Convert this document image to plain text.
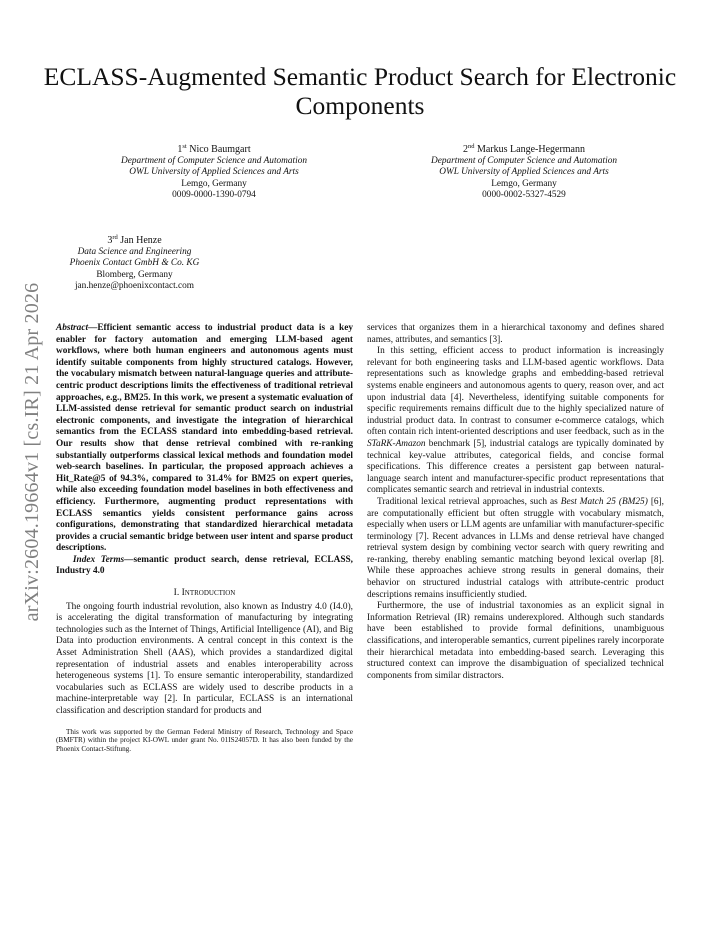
arXiv:2604.19664v1 [cs.IR] 21 Apr 2026
ECLASS-Augmented Semantic Product Search for Electronic Components
1st Nico Baumgart
Department of Computer Science and Automation
OWL University of Applied Sciences and Arts
Lemgo, Germany
0009-0000-1390-0794
2nd Markus Lange-Hegermann
Department of Computer Science and Automation
OWL University of Applied Sciences and Arts
Lemgo, Germany
0000-0002-5327-4529
3rd Jan Henze
Data Science and Engineering
Phoenix Contact GmbH & Co. KG
Blomberg, Germany
jan.henze@phoenixcontact.com
Abstract—Efficient semantic access to industrial product data is a key enabler for factory automation and emerging LLM-based agent workflows, where both human engineers and autonomous agents must identify suitable components from highly structured catalogs. However, the vocabulary mismatch between natural-language queries and attribute-centric product descriptions limits the effectiveness of traditional retrieval approaches, e.g., BM25. In this work, we present a systematic evaluation of LLM-assisted dense retrieval for semantic product search on industrial electronic components, and investigate the integration of hierarchical semantics from the ECLASS standard into embedding-based retrieval. Our results show that dense retrieval combined with re-ranking substantially outperforms classical lexical methods and foundation model web-search baselines. In particular, the proposed approach achieves a Hit_Rate@5 of 94.3%, compared to 31.4% for BM25 on expert queries, while also exceeding foundation model baselines in both effectiveness and efficiency. Furthermore, augmenting product representations with ECLASS semantics yields consistent performance gains across configurations, demonstrating that standardized hierarchical metadata provides a crucial semantic bridge between user intent and sparse product descriptions.
Index Terms—semantic product search, dense retrieval, ECLASS, Industry 4.0
I. Introduction

The ongoing fourth industrial revolution, also known as Industry 4.0 (I4.0), is accelerating the digital transformation of manufacturing by integrating technologies such as the Internet of Things, Artificial Intelligence (AI), and Big Data into production environments. A central concept in this context is the Asset Administration Shell (AAS), which provides a standardized digital representation of industrial assets and enables interoperability across heterogeneous systems [1]. To ensure semantic interoperability, standardized vocabularies such as ECLASS are widely used to describe products in a machine-interpretable way [2]. In particular, ECLASS is an international classification and description standard for products and

This work was supported by the German Federal Ministry of Research, Technology and Space (BMFTR) within the project KI-OWL under grant No. 01IS24057D. It has also been funded by the Phoenix Contact-Stiftung.

services that organizes them in a hierarchical taxonomy and defines shared names, attributes, and semantics [3].

In this setting, efficient access to product information is increasingly relevant for both engineering tasks and LLM-based agentic workflows. Data representations such as knowledge graphs and embedding-based retrieval systems enable engineers and autonomous agents to query, reason over, and act upon industrial data [4]. Nevertheless, identifying suitable components for specific requirements remains difficult due to the highly specialized nature of industrial product data. In contrast to consumer e-commerce catalogs, which often contain rich intent-oriented descriptions and user feedback, such as in the STaRK-Amazon benchmark [5], industrial catalogs are typically dominated by technical key-value attributes, categorical fields, and concise formal specifications. This difference creates a persistent gap between natural-language search intent and manufacturer-specific product representations that complicates semantic search and retrieval in industrial contexts.

Traditional lexical retrieval approaches, such as Best Match 25 (BM25) [6], are computationally efficient but often struggle with vocabulary mismatch, especially when users or LLM agents are unfamiliar with manufacturer-specific terminology [7]. Recent advances in LLMs and dense retrieval have changed retrieval system design by combining vector search with query rewriting and re-ranking, thereby enabling semantic matching beyond lexical overlap [8]. While these approaches achieve strong results in general domains, their behavior on structured industrial catalogs with attribute-centric product descriptions remains insufficiently studied.

Furthermore, the use of industrial taxonomies as an explicit signal in Information Retrieval (IR) remains underexplored. Although such standards have been established to provide formal definitions, unambiguous classifications, and interoperable semantics, current pipelines rarely incorporate their hierarchical metadata into embedding-based search. Leveraging this structured context can improve the disambiguation of specialized technical components from similar distractors.
